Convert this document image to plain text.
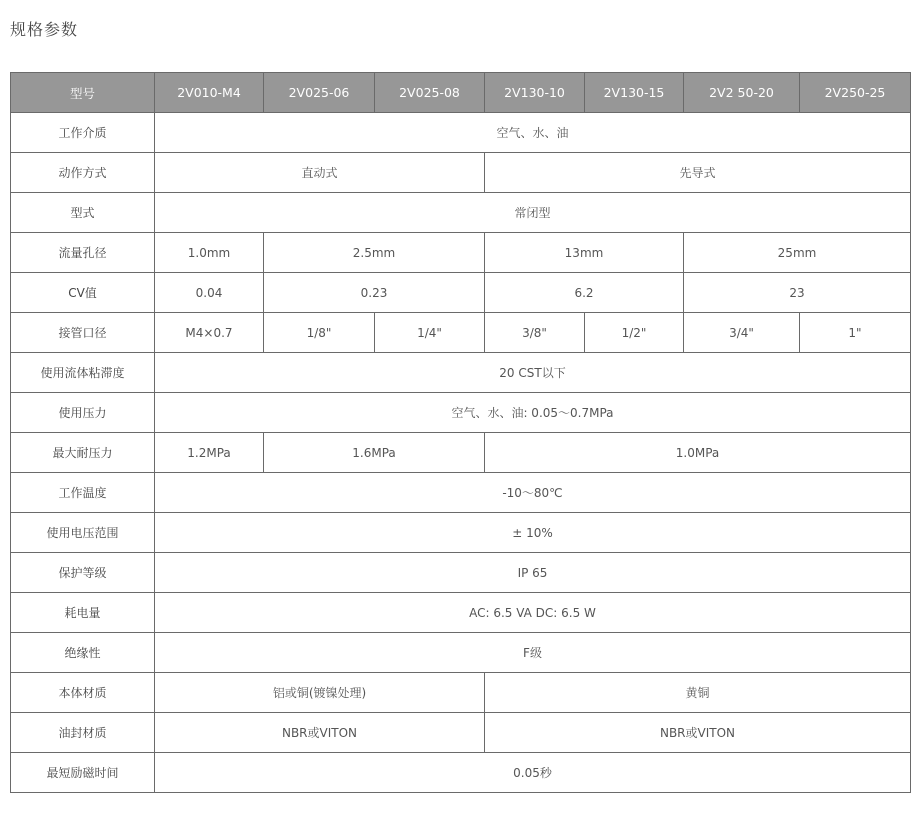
规格参数
型号	2V010-M4	2V025-06	2V025-08	2V130-10	2V130-15	2V2 50-20	2V250-25
工作介质	空气、水、油						
动作方式	直动式			先导式			
型式	常闭型						
流量孔径	1.0mm	2.5mm		13mm		25mm	
CV值	0.04	0.23		6.2		23	
接管口径	M4×0.7	1/8"	1/4"	3/8"	1/2"	3/4"	1"
使用流体粘滞度	20 CST以下						
使用压力	空气、水、油: 0.05～0.7MPa						
最大耐压力	1.2MPa	1.6MPa		1.0MPa			
工作温度	-10～80℃						
使用电压范围	± 10%						
保护等级	IP 65						
耗电量	AC: 6.5 VA DC: 6.5 W						
绝缘性	F级						
本体材质	铝或铜(镀镍处理)			黄铜			
油封材质	NBR或VITON			NBR或VITON			
最短励磁时间	0.05秒						
